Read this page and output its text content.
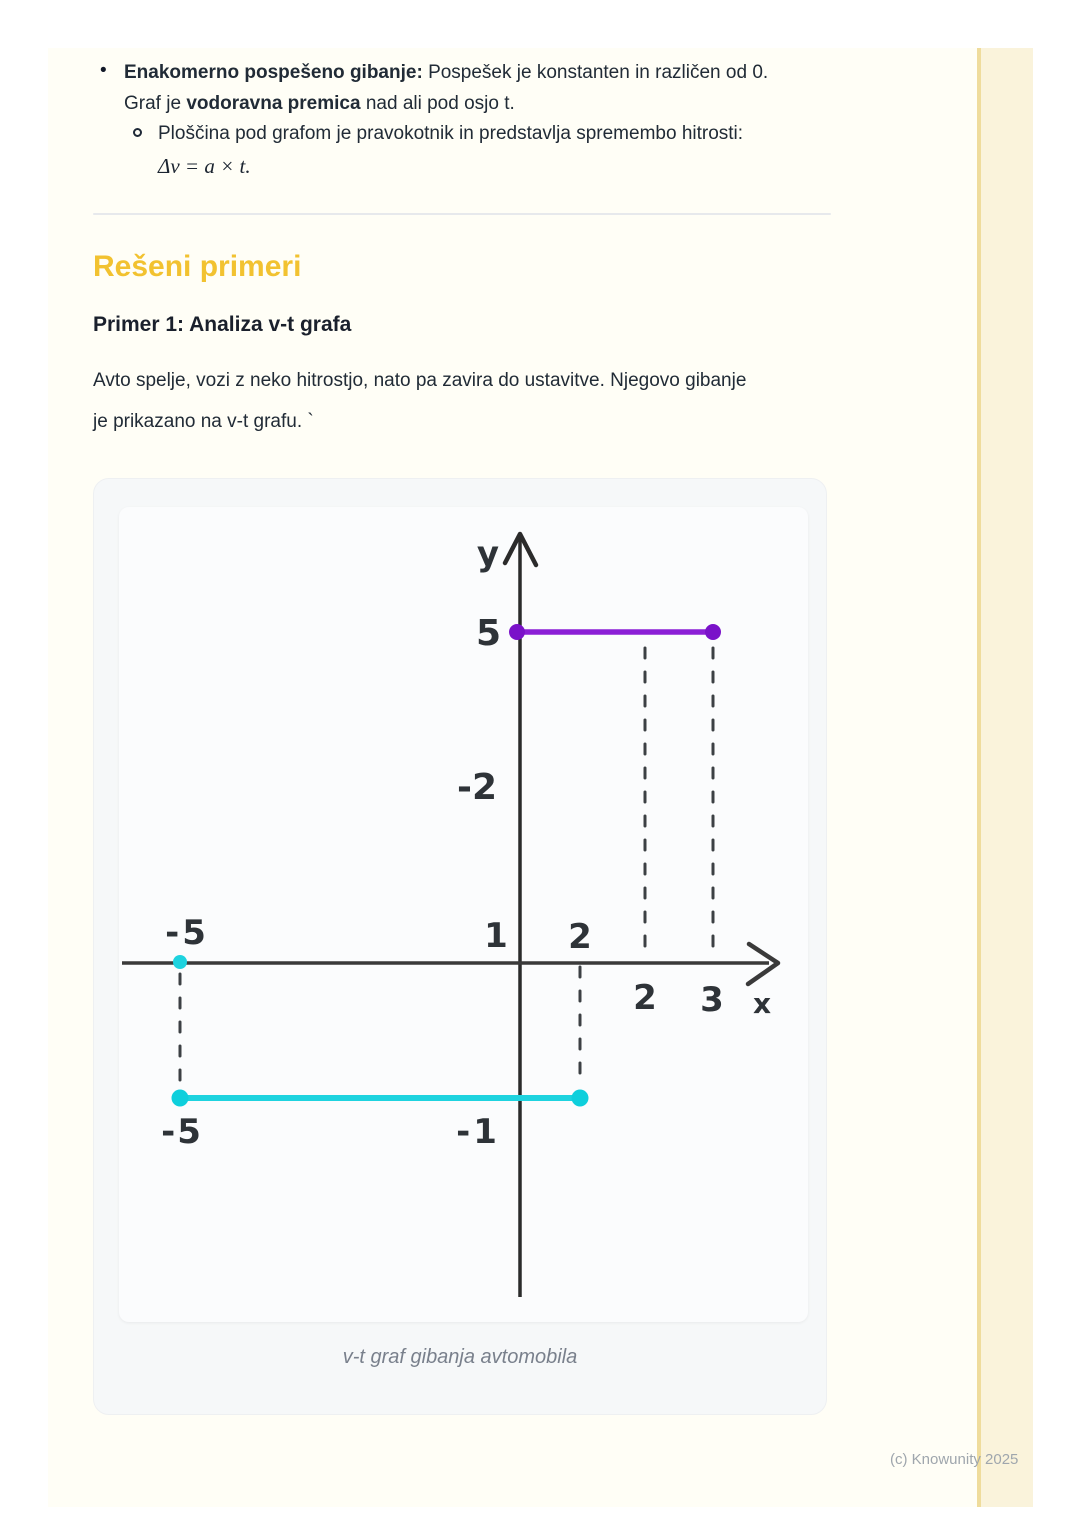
• Enakomerno pospešeno gibanje: Pospešek je konstanten in različen od 0.
Graf je vodoravna premica nad ali pod osjo t.
Ploščina pod grafom je pravokotnik in predstavlja spremembo hitrosti:
Δv = a × t.
Rešeni primeri
Primer 1: Analiza v-t grafa
Avto spelje, vozi z neko hitrostjo, nato pa zavira do ustavitve. Njegovo gibanje
je prikazano na v-t grafu. `
y
x
5
-2
1 2
-5
2 3
-5	-1
v-t graf gibanja avtomobila
(c) Knowunity 2025
